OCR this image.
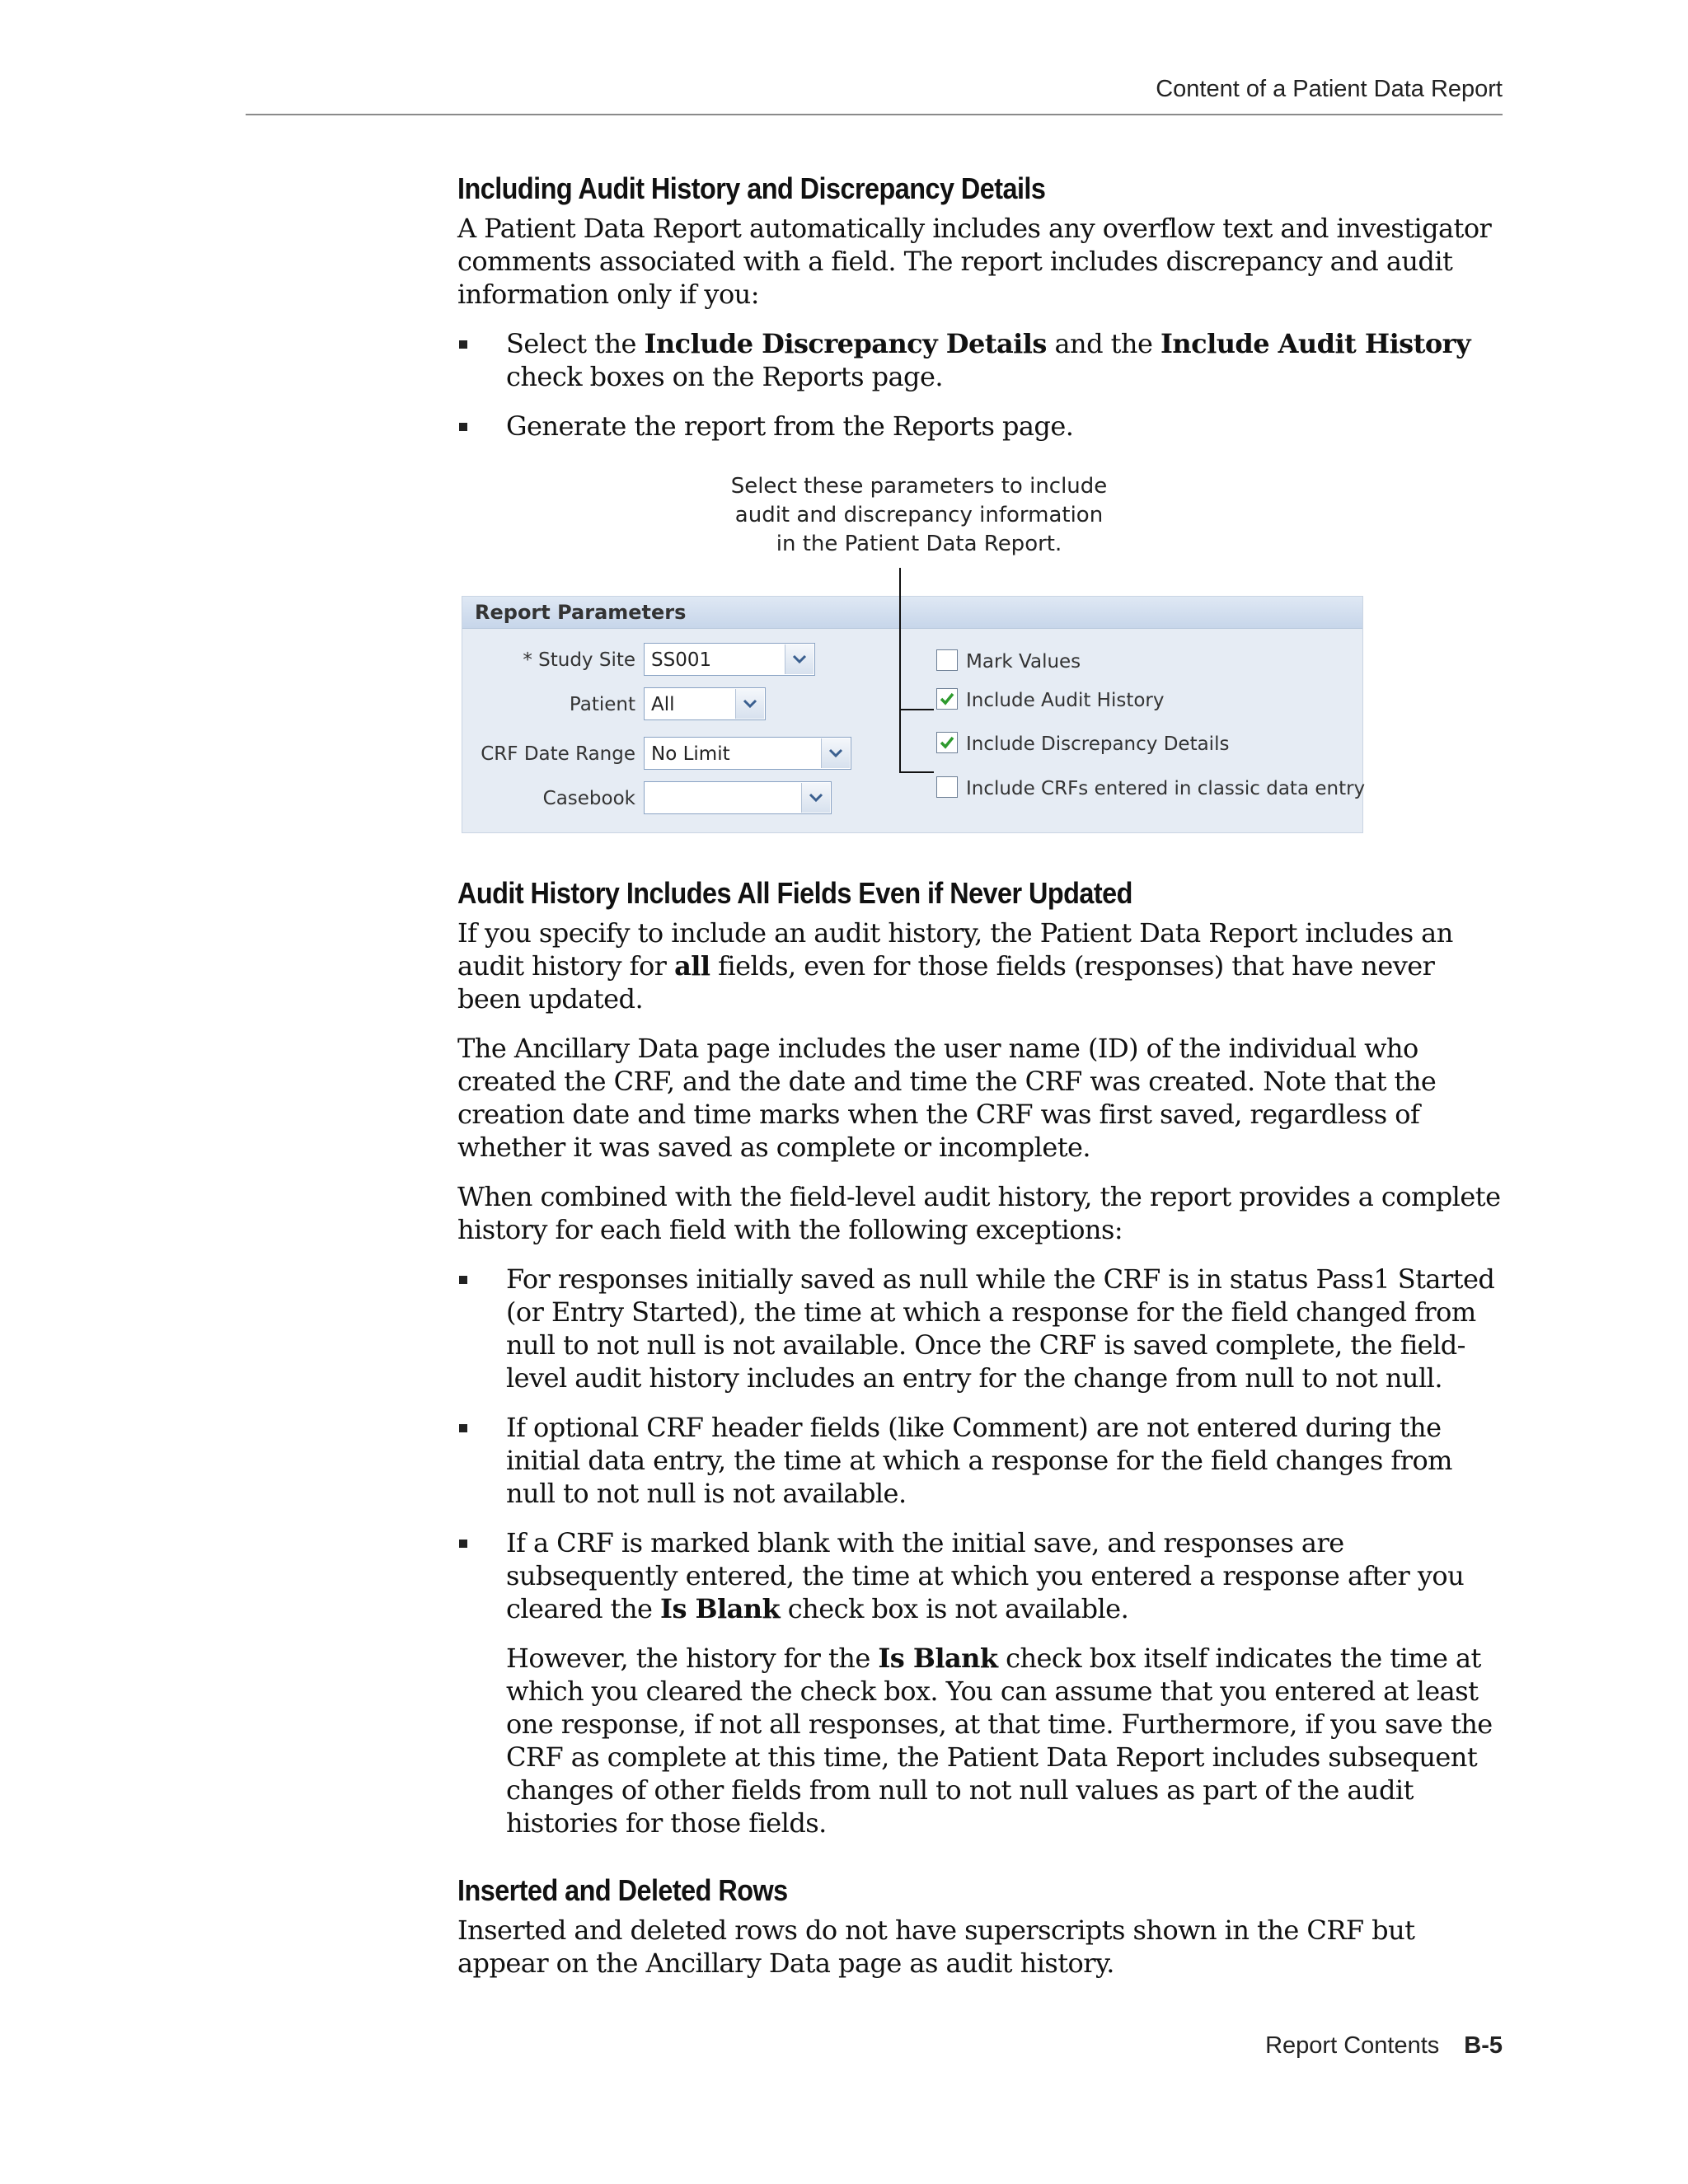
Content of a Patient Data Report
Including Audit History and Discrepancy Details

A Patient Data Report automatically includes any overflow text and investigator comments associated with a field. The report includes discrepancy and audit information only if you:

Select the Include Discrepancy Details and the Include Audit History check boxes on the Reports page.

Generate the report from the Reports page.

Select these parameters to include
audit and discrepancy information
in the Patient Data Report.
Report Parameters
* Study Site SS001
Patient All
CRF Date Range No Limit
Casebook
Mark Values
Include Audit History
Include Discrepancy Details
Include CRFs entered in classic data entry
Audit History Includes All Fields Even if Never Updated

If you specify to include an audit history, the Patient Data Report includes an audit history for all fields, even for those fields (responses) that have never been updated.

The Ancillary Data page includes the user name (ID) of the individual who created the CRF, and the date and time the CRF was created. Note that the creation date and time marks when the CRF was first saved, regardless of whether it was saved as complete or incomplete.

When combined with the field-level audit history, the report provides a complete history for each field with the following exceptions:

For responses initially saved as null while the CRF is in status Pass1 Started (or Entry Started), the time at which a response for the field changed from null to not null is not available. Once the CRF is saved complete, the field-level audit history includes an entry for the change from null to not null.

If optional CRF header fields (like Comment) are not entered during the initial data entry, the time at which a response for the field changes from null to not null is not available.

If a CRF is marked blank with the initial save, and responses are subsequently entered, the time at which you entered a response after you cleared the Is Blank check box is not available.

However, the history for the Is Blank check box itself indicates the time at which you cleared the check box. You can assume that you entered at least one response, if not all responses, at that time. Furthermore, if you save the CRF as complete at this time, the Patient Data Report includes subsequent changes of other fields from null to not null values as part of the audit histories for those fields.

Inserted and Deleted Rows

Inserted and deleted rows do not have superscripts shown in the CRF but appear on the Ancillary Data page as audit history.

Report Contents B-5
